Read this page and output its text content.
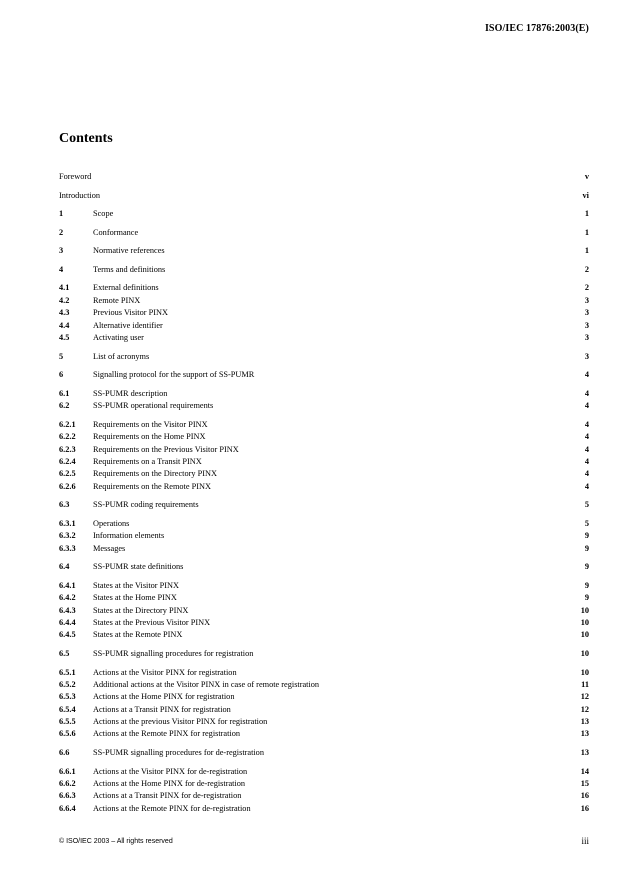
ISO/IEC 17876:2003(E)
Contents
Foreword	v
Introduction	vi
1	Scope	1
2	Conformance	1
3	Normative references	1
4	Terms and definitions	2
4.1	External definitions	2
4.2	Remote PINX	3
4.3	Previous Visitor PINX	3
4.4	Alternative identifier	3
4.5	Activating user	3
5	List of acronyms	3
6	Signalling protocol for the support of SS-PUMR	4
6.1	SS-PUMR description	4
6.2	SS-PUMR operational requirements	4
6.2.1 Requirements on the Visitor PINX	4
6.2.2 Requirements on the Home PINX	4
6.2.3 Requirements on the Previous Visitor PINX	4
6.2.4 Requirements on a Transit PINX	4
6.2.5 Requirements on the Directory PINX	4
6.2.6 Requirements on the Remote PINX	4
6.3	SS-PUMR coding requirements	5
6.3.1 Operations	5
6.3.2 Information elements	9
6.3.3 Messages	9
6.4	SS-PUMR state definitions	9
6.4.1 States at the Visitor PINX	9
6.4.2 States at the Home PINX	9
6.4.3 States at the Directory PINX	10
6.4.4 States at the Previous Visitor PINX	10
6.4.5 States at the Remote PINX	10
6.5	SS-PUMR signalling procedures for registration	10
6.5.1 Actions at the Visitor PINX for registration	10
6.5.2 Additional actions at the Visitor PINX in case of remote registration	11
6.5.3 Actions at the Home PINX for registration	12
6.5.4 Actions at a Transit PINX for registration	12
6.5.5 Actions at the previous Visitor PINX for registration	13
6.5.6 Actions at the Remote PINX for registration	13
6.6	SS-PUMR signalling procedures for de-registration	13
6.6.1 Actions at the Visitor PINX for de-registration	14
6.6.2 Actions at the Home PINX for de-registration	15
6.6.3 Actions at a Transit PINX for de-registration	16
6.6.4 Actions at the Remote PINX for de-registration	16
© ISO/IEC 2003 – All rights reserved	iii
